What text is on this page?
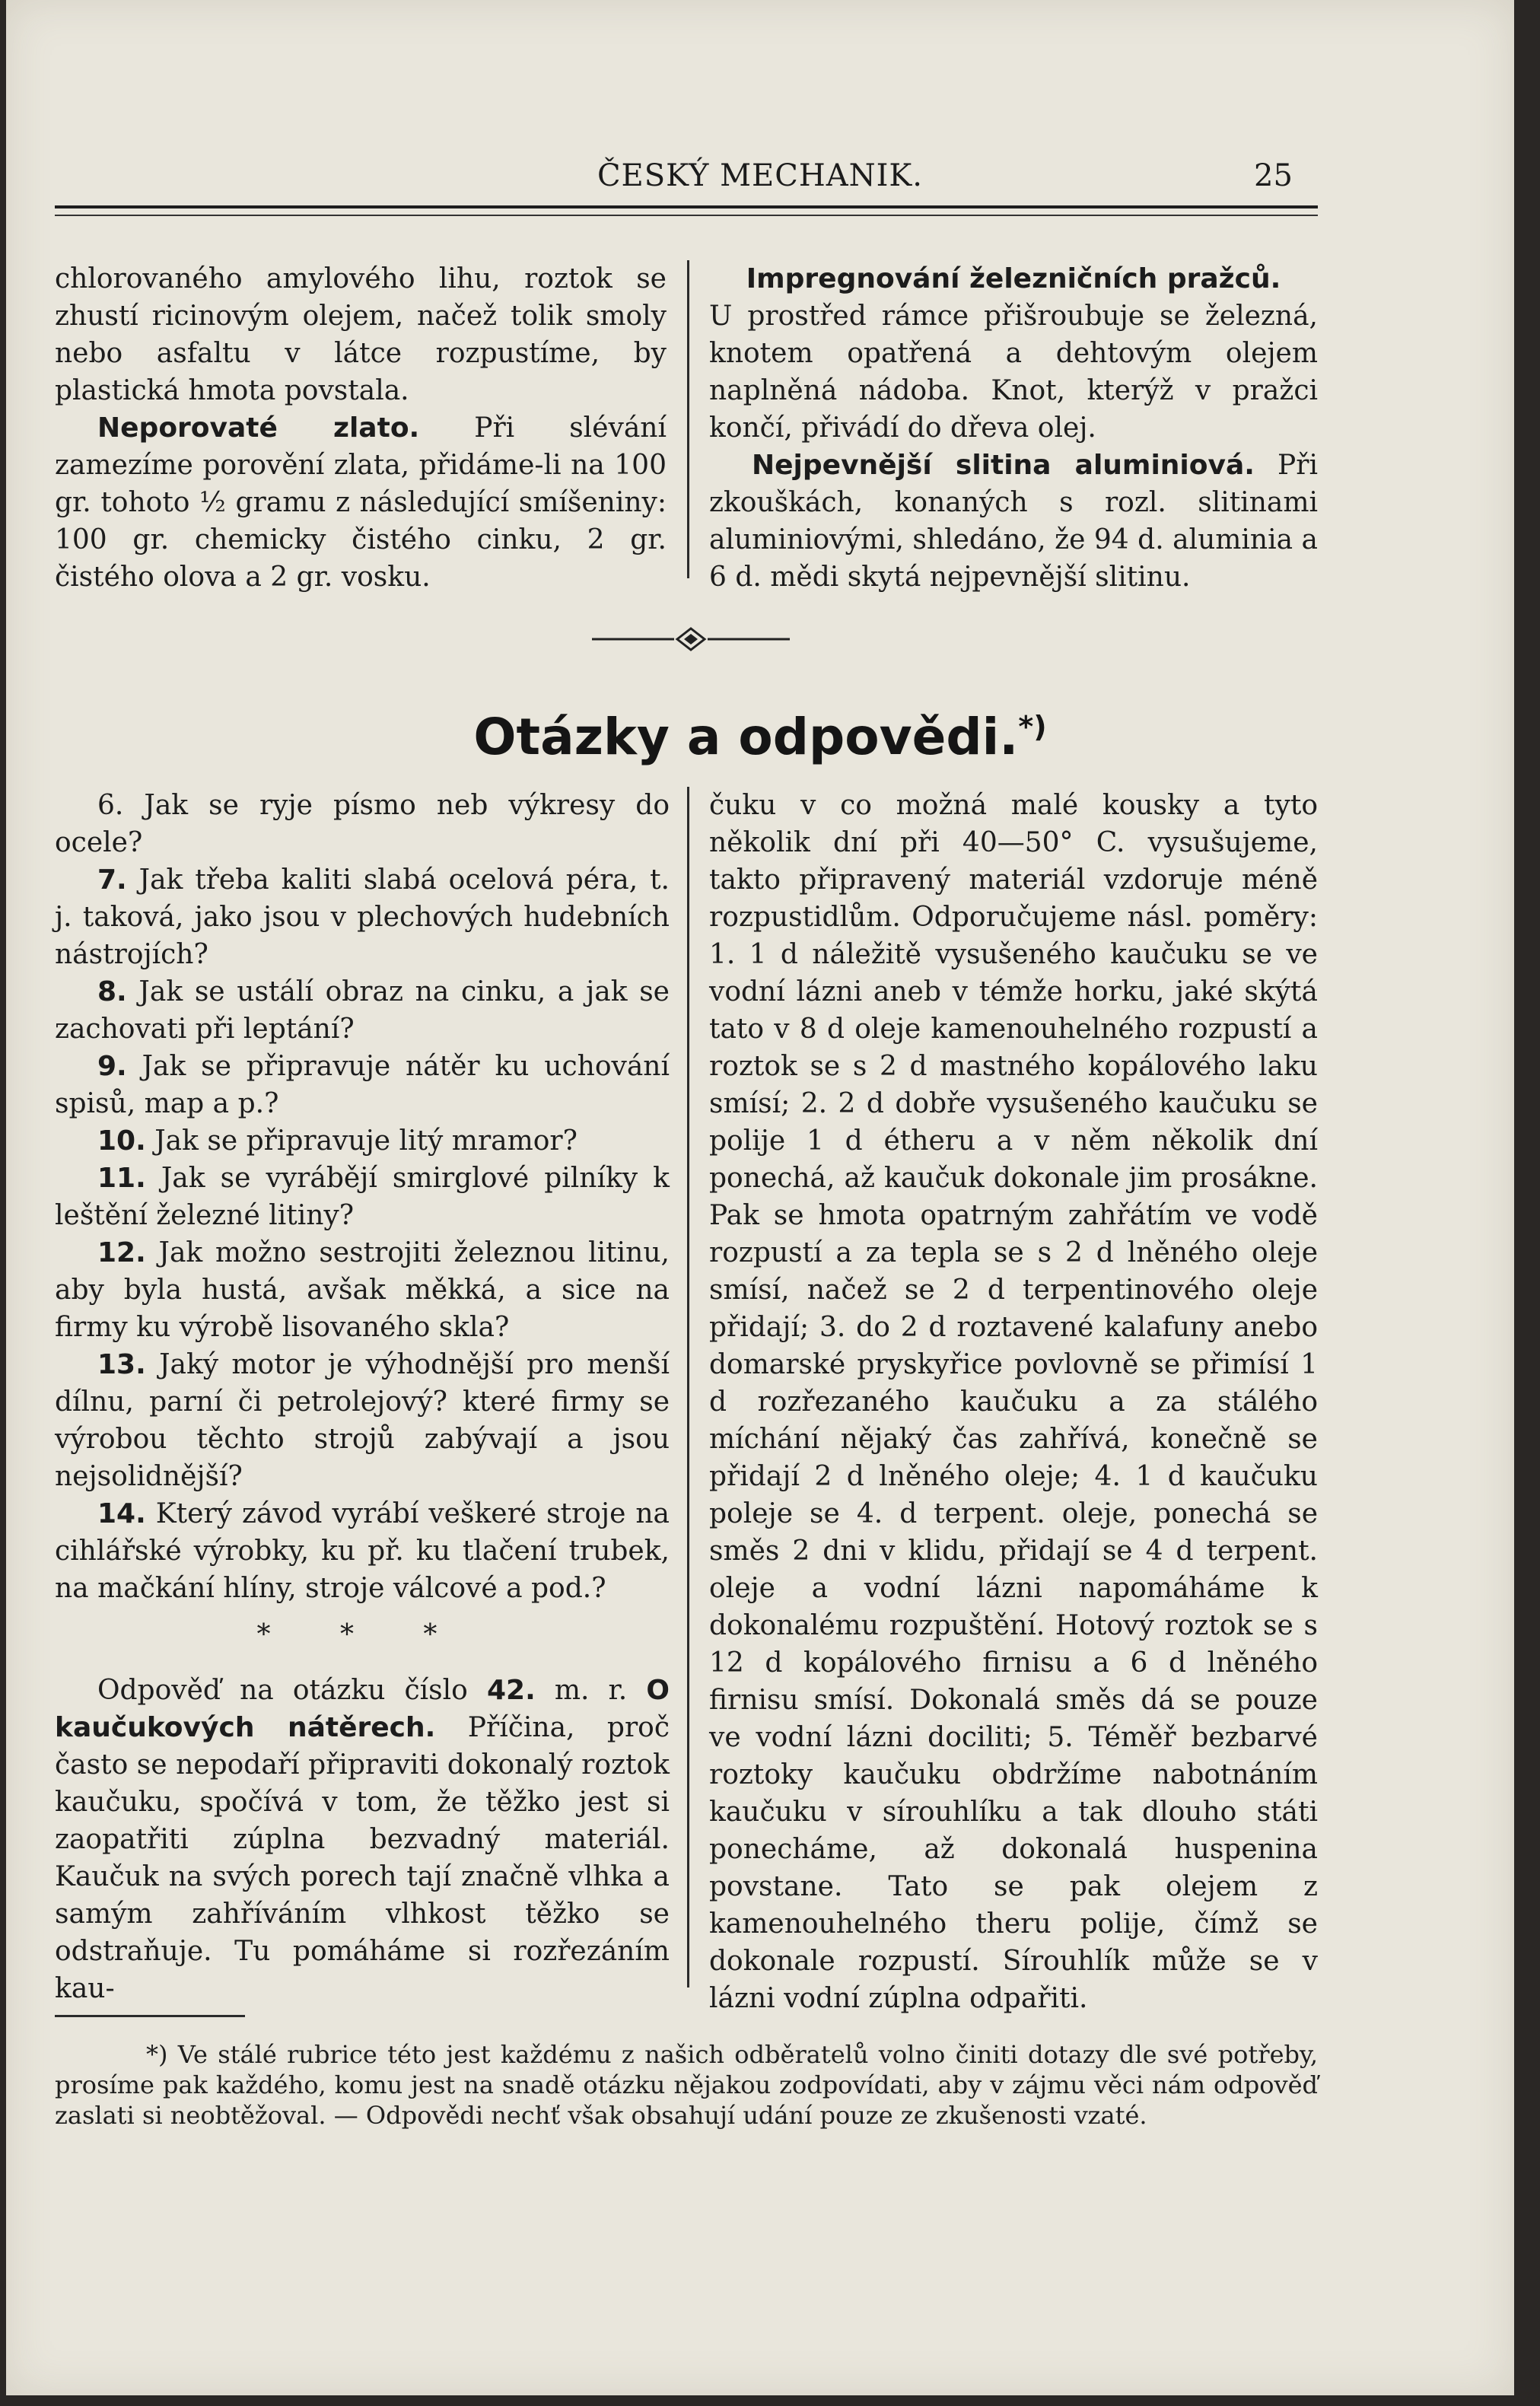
ČESKÝ MECHANIK.	25

chlorovaného amylového lihu, roztok se zhustí ricinovým olejem, načež tolik smoly nebo asfaltu v látce rozpustíme, by plastická hmota povstala.

Neporovaté zlato. Při slévání zamezíme porovění zlata, přidáme-li na 100 gr. tohoto ½ gramu z následující smíšeniny: 100 gr. chemicky čistého cinku, 2 gr. čistého olova a 2 gr. vosku.

Impregnování železničních pražců.

U prostřed rámce přišroubuje se železná, knotem opatřená a dehtovým olejem naplněná nádoba. Knot, kterýž v pražci končí, přivádí do dřeva olej.

Nejpevnější slitina aluminiová. Při zkouškách, konaných s rozl. slitinami aluminiovými, shledáno, že 94 d. aluminia a 6 d. mědi skytá nejpevnější slitinu.

Otázky a odpovědi.*)

6. Jak se ryje písmo neb výkresy do ocele?

7. Jak třeba kaliti slabá ocelová péra, t. j. taková, jako jsou v plechových hudebních nástrojích?

8. Jak se ustálí obraz na cinku, a jak se zachovati při leptání?

9. Jak se připravuje nátěr ku uchování spisů, map a p.?

10. Jak se připravuje litý mramor?

11. Jak se vyrábějí smirglové pilníky k leštění železné litiny?

12. Jak možno sestrojiti železnou litinu, aby byla hustá, avšak měkká, a sice na firmy ku výrobě lisovaného skla?

13. Jaký motor je výhodnější pro menší dílnu, parní či petrolejový? které firmy se výrobou těchto strojů zabývají a jsou nejsolidnější?

14. Který závod vyrábí veškeré stroje na cihlářské výrobky, ku př. ku tlačení trubek, na mačkání hlíny, stroje válcové a pod.?

* * *

Odpověď na otázku číslo 42. m. r. O kaučukových nátěrech. Příčina, proč často se nepodaří připraviti dokonalý roztok kaučuku, spočívá v tom, že těžko jest si zaopatřiti zúplna bezvadný materiál. Kaučuk na svých porech tají značně vlhka a samým zahříváním vlhkost těžko se odstraňuje. Tu pomáháme si rozřezáním kau-

čuku v co možná malé kousky a tyto několik dní při 40—50° C. vysušujeme, takto připravený materiál vzdoruje méně rozpustidlům. Odporučujeme násl. poměry: 1. 1 d náležitě vysušeného kaučuku se ve vodní lázni aneb v témže horku, jaké skýtá tato v 8 d oleje kamenouhelného rozpustí a roztok se s 2 d mastného kopálového laku smísí; 2. 2 d dobře vysušeného kaučuku se polije 1 d étheru a v něm několik dní ponechá, až kaučuk dokonale jim prosákne. Pak se hmota opatrným zahřátím ve vodě rozpustí a za tepla se s 2 d lněného oleje smísí, načež se 2 d terpentinového oleje přidají; 3. do 2 d roztavené kalafuny anebo domarské pryskyřice povlovně se přimísí 1 d rozřezaného kaučuku a za stálého míchání nějaký čas zahřívá, konečně se přidají 2 d lněného oleje; 4. 1 d kaučuku poleje se 4. d terpent. oleje, ponechá se směs 2 dni v klidu, přidají se 4 d terpent. oleje a vodní lázni napomáháme k dokonalému rozpuštění. Hotový roztok se s 12 d kopálového firnisu a 6 d lněného firnisu smísí. Dokonalá směs dá se pouze ve vodní lázni dociliti; 5. Téměř bezbarvé roztoky kaučuku obdržíme nabotnáním kaučuku v sírouhlíku a tak dlouho státi ponecháme, až dokonalá huspenina povstane. Tato se pak olejem z kamenouhelného theru polije, čímž se dokonale rozpustí. Sírouhlík může se v lázni vodní zúplna odpařiti.

*) Ve stálé rubrice této jest každému z našich odběratelů volno činiti dotazy dle své potřeby, prosíme pak každého, komu jest na snadě otázku nějakou zodpovídati, aby v zájmu věci nám odpověď zaslati si neobtěžoval. — Odpovědi nechť však obsahují udání pouze ze zkušenosti vzaté.
